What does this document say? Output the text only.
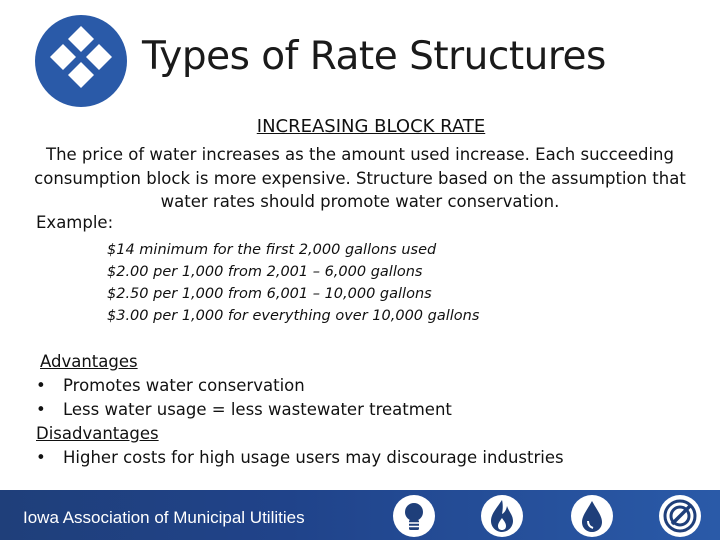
Types of Rate Structures
INCREASING BLOCK RATE
The price of water increases as the amount used increase. Each succeeding consumption block is more expensive. Structure based on the assumption that water rates should promote water conservation.
Example:
$14 minimum for the first 2,000 gallons used
$2.00 per 1,000 from 2,001 – 6,000 gallons
$2.50 per 1,000 from 6,001 – 10,000 gallons
$3.00 per 1,000 for everything over 10,000 gallons
Advantages
•	Promotes water conservation
•	Less water usage = less wastewater treatment
Disadvantages
•	Higher costs for high usage users may discourage industries
Iowa Association of Municipal Utilities
